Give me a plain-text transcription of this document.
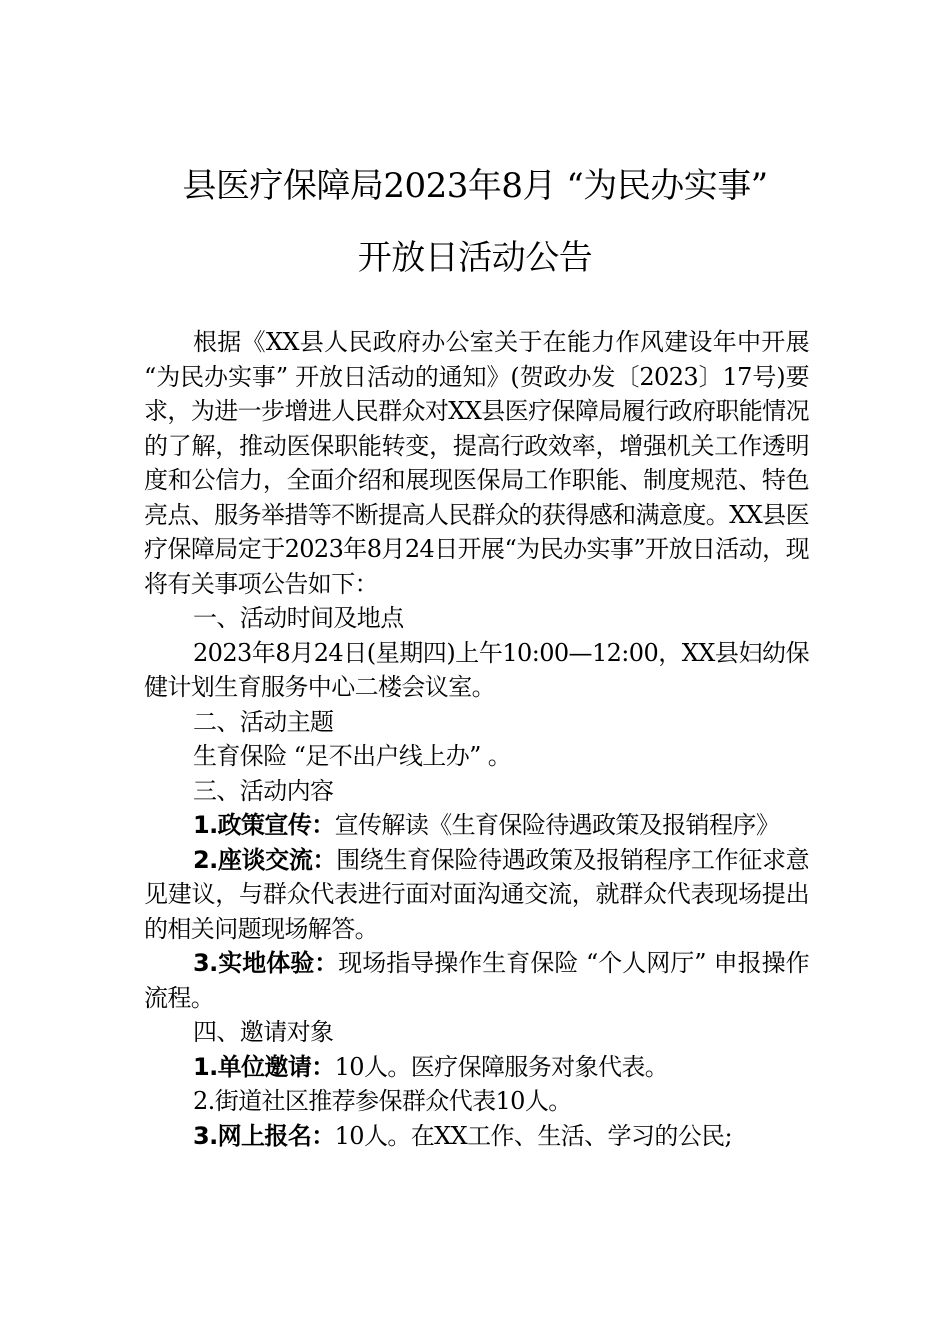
县医疗保障局2023年8月 “为民办实事”
开放日活动公告

根据《XX县人民政府办公室关于在能力作风建设年中开展 “为民办实事” 开放日活动的通知》(贺政办发〔2023〕17号)要求，为进一步增进人民群众对XX县医疗保障局履行政府职能情况的了解，推动医保职能转变，提高行政效率，增强机关工作透明度和公信力，全面介绍和展现医保局工作职能、制度规范、特色亮点、服务举措等不断提高人民群众的获得感和满意度。XX县医疗保障局定于2023年8月24日开展“为民办实事”开放日活动，现将有关事项公告如下：

一、活动时间及地点

2023年8月24日(星期四)上午10:00—12:00，XX县妇幼保健计划生育服务中心二楼会议室。

二、活动主题

生育保险 “足不出户线上办” 。

三、活动内容

1.政策宣传：宣传解读《生育保险待遇政策及报销程序》

2.座谈交流：围绕生育保险待遇政策及报销程序工作征求意见建议，与群众代表进行面对面沟通交流，就群众代表现场提出的相关问题现场解答。

3.实地体验：现场指导操作生育保险 “个人网厅” 申报操作流程。

四、邀请对象

1.单位邀请：10人。医疗保障服务对象代表。

2.街道社区推荐参保群众代表10人。

3.网上报名：10人。在XX工作、生活、学习的公民;
